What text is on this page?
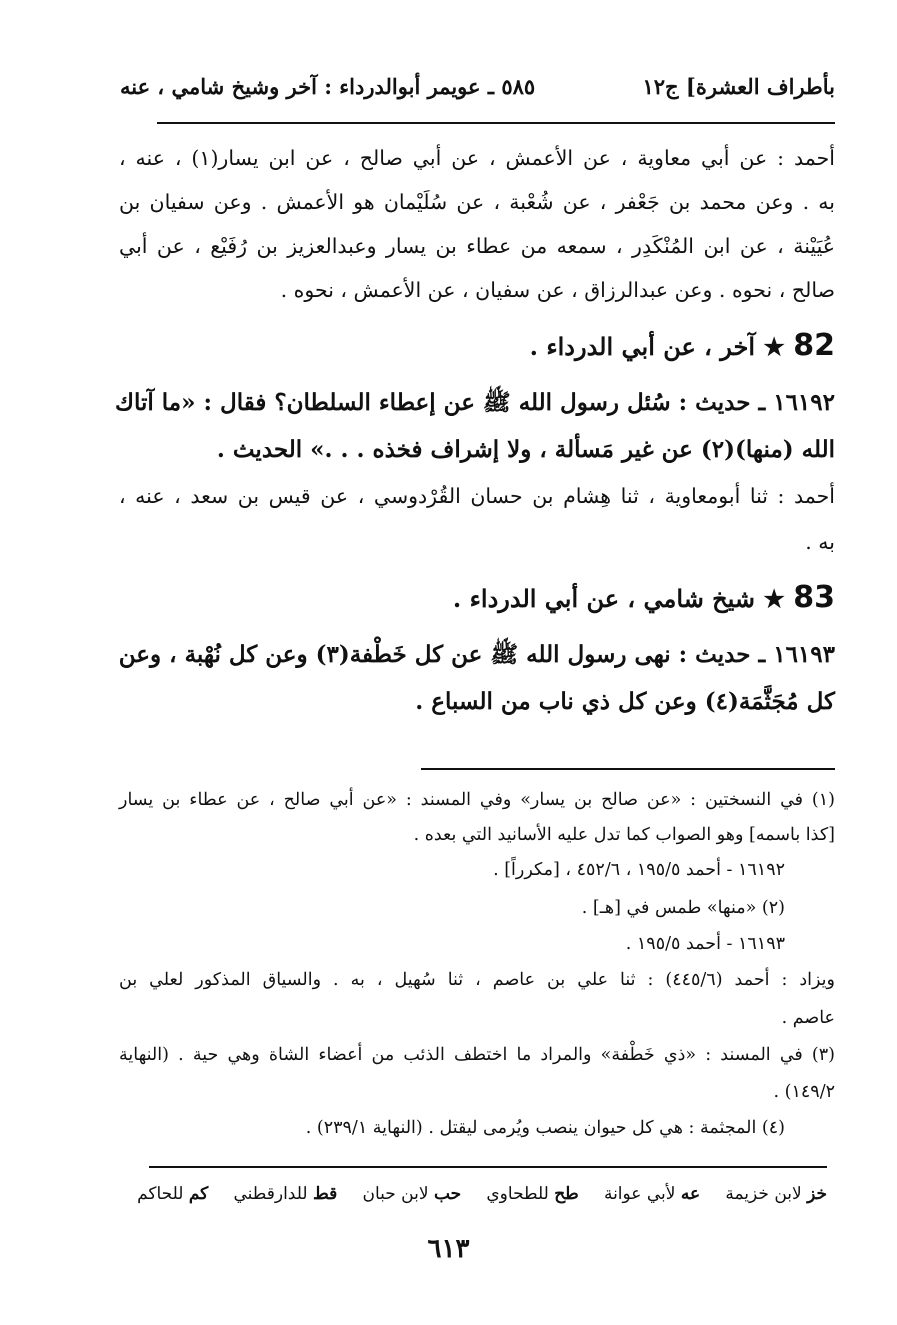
بأطراف العشرة] ج١٢
٥٨٥ ـ عويمر أبوالدرداء : آخر وشيخ شامي ، عنه
أحمد : عن أبي معاوية ، عن الأعمش ، عن أبي صالح ، عن ابن يسار(١) ، عنه ،
به . وعن محمد بن جَعْفر ، عن شُعْبة ، عن سُلَيْمان هو الأعمش . وعن سفيان بن
عُيَيْنة ، عن ابن المُنْكَدِر ، سمعه من عطاء بن يسار وعبدالعزيز بن رُفَيْع ، عن أبي
صالح ، نحوه . وعن عبدالرزاق ، عن سفيان ، عن الأعمش ، نحوه .
82 ★ آخر ، عن أبي الدرداء .
١٦١٩٢ ـ حديث : سُئل رسول الله ﷺ عن إعطاء السلطان؟ فقال : «ما آتاك
الله (منها)(٢) عن غير مَسألة ، ولا إشراف فخذه . . .» الحديث .
أحمد : ثنا أبومعاوية ، ثنا هِشام بن حسان القُرْدوسي ، عن قيس بن سعد ، عنه ،
به .
83 ★ شيخ شامي ، عن أبي الدرداء .
١٦١٩٣ ـ حديث : نهى رسول الله ﷺ عن كل خَطْفة(٣) وعن كل نُهْبة ، وعن
كل مُجَثَّمَة(٤) وعن كل ذي ناب من السباع .
(١) في النسختين : «عن صالح بن يسار» وفي المسند : «عن أبي صالح ، عن عطاء بن يسار
[كذا باسمه] وهو الصواب كما تدل عليه الأسانيد التي بعده .
١٦١٩٢ - أحمد ١٩٥/٥ ، ٤٥٢/٦ ، [مكرراً] .
(٢) «منها» طمس في [هـ] .
١٦١٩٣ - أحمد ١٩٥/٥ .
ويزاد : أحمد (٤٤٥/٦) : ثنا علي بن عاصم ، ثنا سُهيل ، به . والسياق المذكور لعلي بن
عاصم .
(٣) في المسند : «ذي خَطْفة» والمراد ما اختطف الذئب من أعضاء الشاة وهي حية . (النهاية
١٤٩/٢) .
(٤) المجثمة : هي كل حيوان ينصب ويُرمى ليقتل . (النهاية ٢٣٩/١) .
خز لابن خزيمة
عه لأبي عوانة
طح للطحاوي
حب لابن حبان
قط للدارقطني
كم للحاكم
٦١٣
